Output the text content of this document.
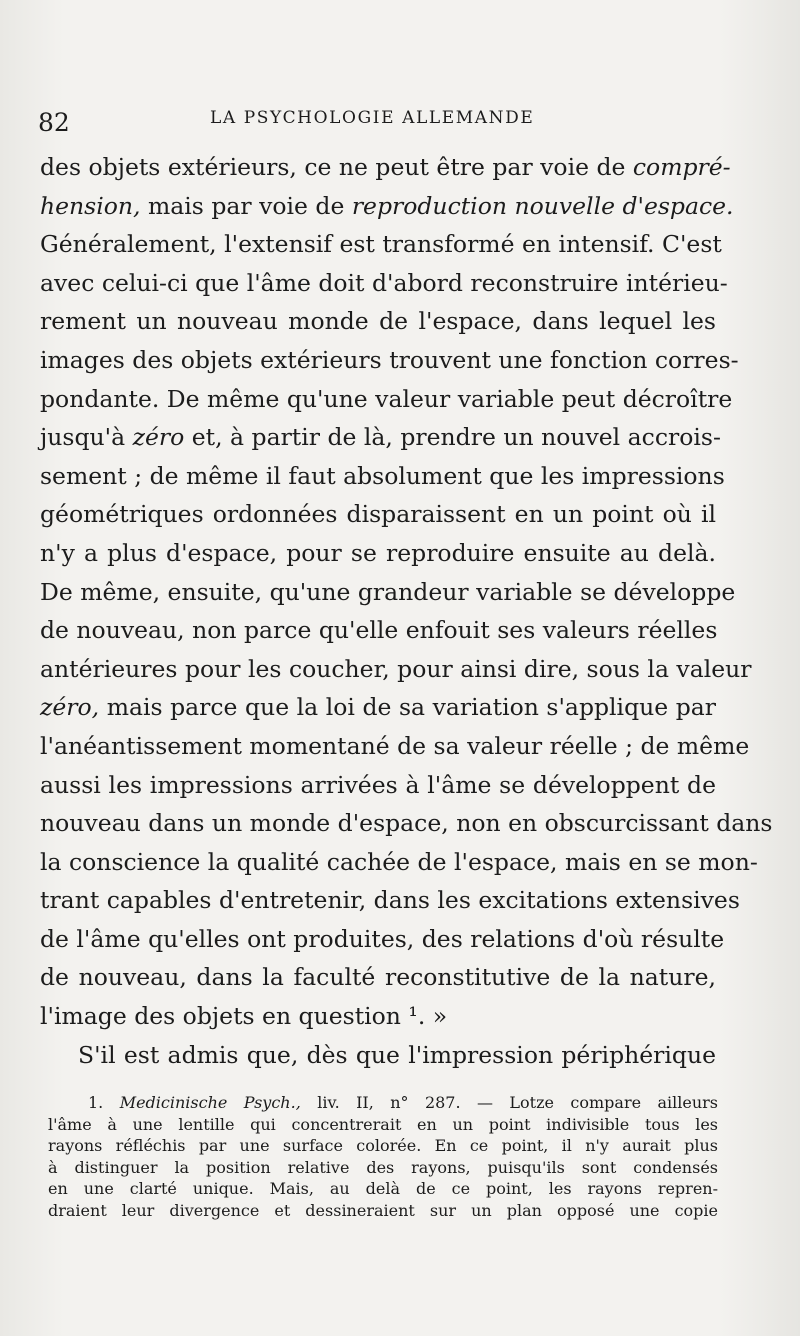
82	LA PSYCHOLOGIE ALLEMANDE
des objets extérieurs, ce ne peut être par voie de compré-
hension, mais par voie de reproduction nouvelle d'espace.
Généralement, l'extensif est transformé en intensif. C'est
avec celui-ci que l'âme doit d'abord reconstruire intérieu-
rement un nouveau monde de l'espace, dans lequel les
images des objets extérieurs trouvent une fonction corres-
pondante. De même qu'une valeur variable peut décroître
jusqu'à zéro et, à partir de là, prendre un nouvel accrois-
sement ; de même il faut absolument que les impressions
géométriques ordonnées disparaissent en un point où il
n'y a plus d'espace, pour se reproduire ensuite au delà.
De même, ensuite, qu'une grandeur variable se développe
de nouveau, non parce qu'elle enfouit ses valeurs réelles
antérieures pour les coucher, pour ainsi dire, sous la valeur
zéro, mais parce que la loi de sa variation s'applique par
l'anéantissement momentané de sa valeur réelle ; de même
aussi les impressions arrivées à l'âme se développent de
nouveau dans un monde d'espace, non en obscurcissant dans
la conscience la qualité cachée de l'espace, mais en se mon-
trant capables d'entretenir, dans les excitations extensives
de l'âme qu'elles ont produites, des relations d'où résulte
de nouveau, dans la faculté reconstitutive de la nature,
l'image des objets en question ¹. »
S'il est admis que, dès que l'impression périphérique
1. Medicinische Psych., liv. II, n° 287. — Lotze compare ailleurs
l'âme à une lentille qui concentrerait en un point indivisible tous les
rayons réfléchis par une surface colorée. En ce point, il n'y aurait plus
à distinguer la position relative des rayons, puisqu'ils sont condensés
en une clarté unique. Mais, au delà de ce point, les rayons repren-
draient leur divergence et dessineraient sur un plan opposé une copie
